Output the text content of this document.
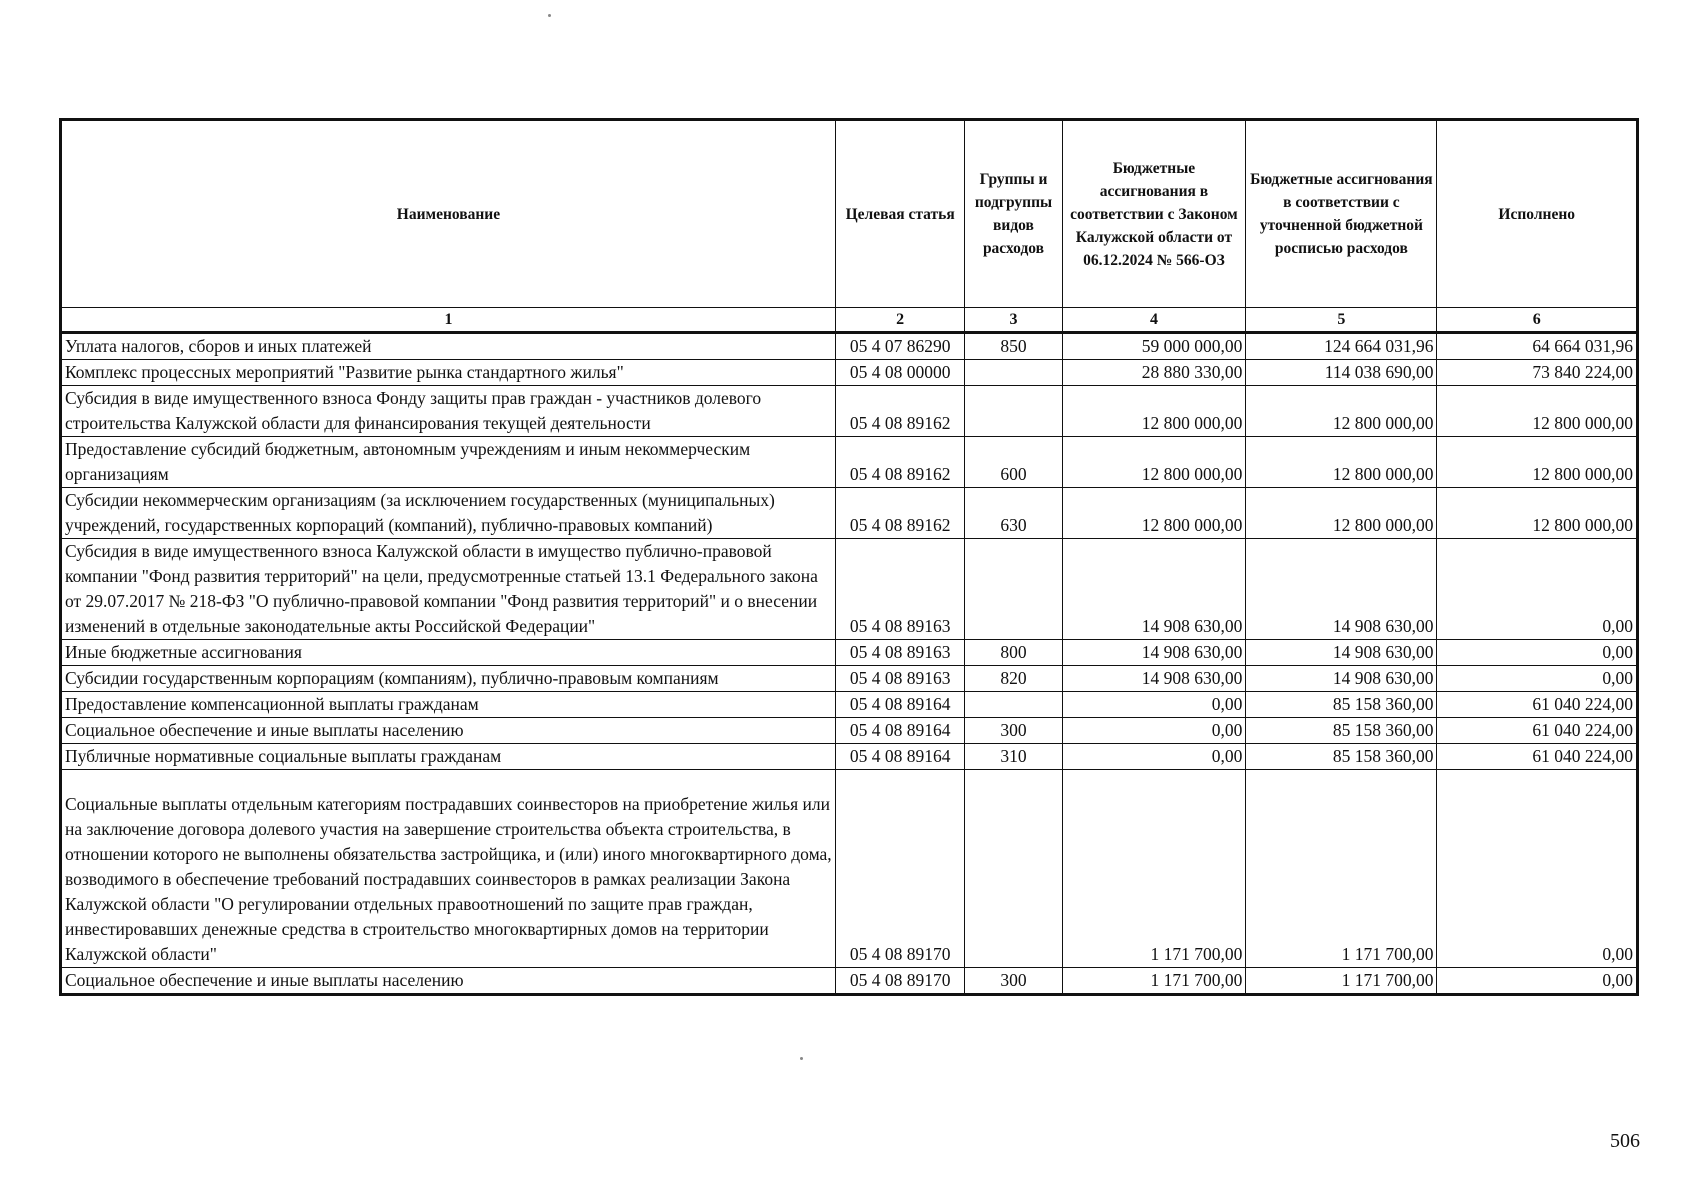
Наименование	Целевая статья	Группы и подгруппы видов расходов	Бюджетные ассигнования в соответствии с Законом Калужской области от 06.12.2024 № 566-ОЗ	Бюджетные ассигнования в соответствии с уточненной бюджетной росписью расходов	Исполнено
1	2	3	4	5	6
Уплата налогов, сборов и иных платежей	05 4 07 86290	850	59 000 000,00	124 664 031,96	64 664 031,96
Комплекс процессных мероприятий "Развитие рынка стандартного жилья"	05 4 08 00000		28 880 330,00	114 038 690,00	73 840 224,00
Субсидия в виде имущественного взноса Фонду защиты прав граждан - участников долевого строительства Калужской области для финансирования текущей деятельности	05 4 08 89162		12 800 000,00	12 800 000,00	12 800 000,00
Предоставление субсидий бюджетным, автономным учреждениям и иным некоммерческим организациям	05 4 08 89162	600	12 800 000,00	12 800 000,00	12 800 000,00
Субсидии некоммерческим организациям (за исключением государственных (муниципальных) учреждений, государственных корпораций (компаний), публично-правовых компаний)	05 4 08 89162	630	12 800 000,00	12 800 000,00	12 800 000,00
Субсидия в виде имущественного взноса Калужской области в имущество публично-правовой компании "Фонд развития территорий" на цели, предусмотренные статьей 13.1 Федерального закона от 29.07.2017 № 218-ФЗ "О публично-правовой компании "Фонд развития территорий" и о внесении изменений в отдельные законодательные акты Российской Федерации"	05 4 08 89163		14 908 630,00	14 908 630,00	0,00
Иные бюджетные ассигнования	05 4 08 89163	800	14 908 630,00	14 908 630,00	0,00
Субсидии государственным корпорациям (компаниям), публично-правовым компаниям	05 4 08 89163	820	14 908 630,00	14 908 630,00	0,00
Предоставление компенсационной выплаты гражданам	05 4 08 89164		0,00	85 158 360,00	61 040 224,00
Социальное обеспечение и иные выплаты населению	05 4 08 89164	300	0,00	85 158 360,00	61 040 224,00
Публичные нормативные социальные выплаты гражданам	05 4 08 89164	310	0,00	85 158 360,00	61 040 224,00
Социальные выплаты отдельным категориям пострадавших соинвесторов на приобретение жилья или на заключение договора долевого участия на завершение строительства объекта строительства, в отношении которого не выполнены обязательства застройщика, и (или) иного многоквартирного дома, возводимого в обеспечение требований пострадавших соинвесторов в рамках реализации Закона Калужской области "О регулировании отдельных правоотношений по защите прав граждан, инвестировавших денежные средства в строительство многоквартирных домов на территории Калужской области"	05 4 08 89170		1 171 700,00	1 171 700,00	0,00
Социальное обеспечение и иные выплаты населению	05 4 08 89170	300	1 171 700,00	1 171 700,00	0,00
506
